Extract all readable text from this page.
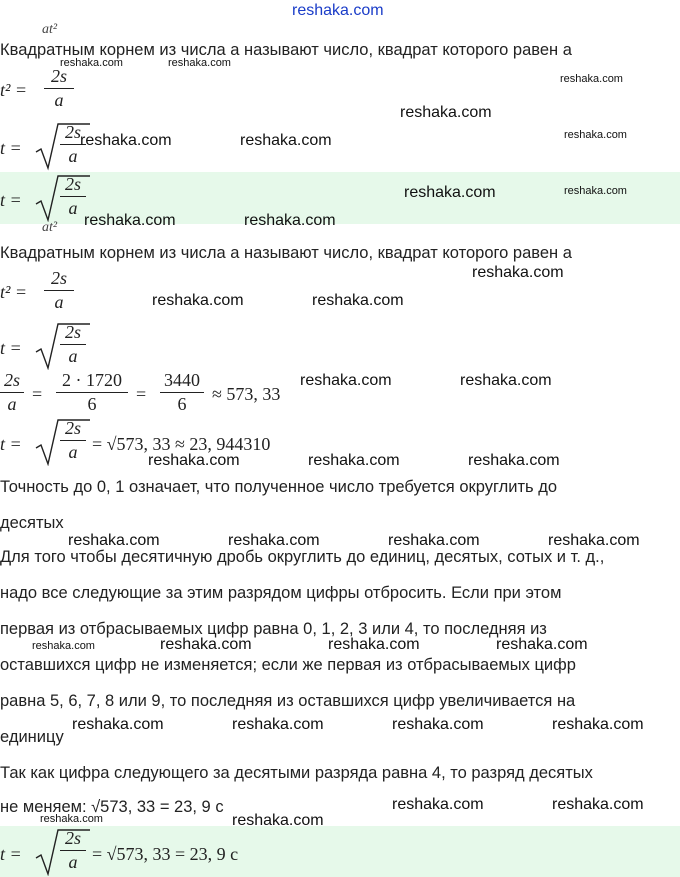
reshaka.com
at²
Квадратным корнем из числа a называют число, квадрат которого равен a
t² =
2s
a
t =
2s
a
t =
2s
a
at²
Квадратным корнем из числа a называют число, квадрат которого равен a
t² =
2s
a
t =
2s
a
2s
a =
2 · 1720
6	=
3440
6	≈ 573, 33
t =
2s
a = √573, 33 ≈ 23, 944310
Точность до 0, 1 означает, что полученное число требуется округлить до
десятых
Для того чтобы десятичную дробь округлить до единиц, десятых, сотых и т. д.,
надо все следующие за этим разрядом цифры отбросить. Если при этом
первая из отбрасываемых цифр равна 0, 1, 2, 3 или 4, то последняя из
оставшихся цифр не изменяется; если же первая из отбрасываемых цифр
равна 5, 6, 7, 8 или 9, то последняя из оставшихся цифр увеличивается на
единицу
Так как цифра следующего за десятыми разряда равна 4, то разряд десятых
не меняем: √573, 33 = 23, 9 с
t =
2s
a = √573, 33 = 23, 9 с
reshaka.com	reshaka.com
reshaka.com
reshaka.com
reshaka.com	reshaka.com	reshaka.com
reshaka.com	reshaka.com
reshaka.com	reshaka.com
reshaka.com
reshaka.com	reshaka.com
reshaka.com	reshaka.com
reshaka.com	reshaka.com	reshaka.com
reshaka.com	reshaka.com	reshaka.com	reshaka.com
reshaka.com	reshaka.com	reshaka.com	reshaka.com
reshaka.com	reshaka.com	reshaka.com	reshaka.com
reshaka.com	reshaka.com
reshaka.com	reshaka.com
